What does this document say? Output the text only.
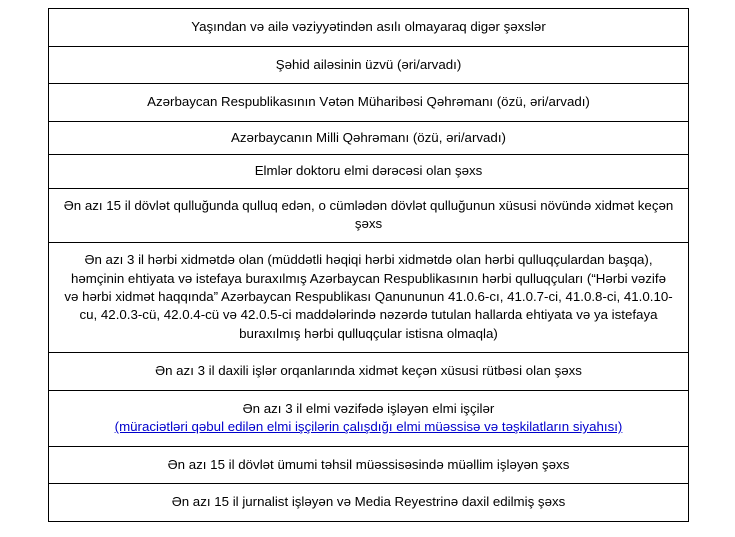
Yaşından və ailə vəziyyətindən asılı olmayaraq digər şəxslər

Şəhid ailəsinin üzvü (əri/arvadı)

Azərbaycan Respublikasının Vətən Müharibəsi Qəhrəmanı (özü, əri/arvadı)

Azərbaycanın Milli Qəhrəmanı (özü, əri/arvadı)

Elmlər doktoru elmi dərəcəsi olan şəxs

Ən azı 15 il dövlət qulluğunda qulluq edən, o cümlədən dövlət qulluğunun xüsusi növündə xidmət keçən şəxs

Ən azı 3 il hərbi xidmətdə olan (müddətli həqiqi hərbi xidmətdə olan hərbi qulluqçulardan başqa), həmçinin ehtiyata və istefaya buraxılmış Azərbaycan Respublikasının hərbi qulluqçuları (“Hərbi vəzifə və hərbi xidmət haqqında” Azərbaycan Respublikası Qanununun 41.0.6-cı, 41.0.7-ci, 41.0.8-ci, 41.0.10-cu, 42.0.3-cü, 42.0.4-cü və 42.0.5-ci maddələrində nəzərdə tutulan hallarda ehtiyata və ya istefaya buraxılmış hərbi qulluqçular istisna olmaqla)

Ən azı 3 il daxili işlər orqanlarında xidmət keçən xüsusi rütbəsi olan şəxs

Ən azı 3 il elmi vəzifədə işləyən elmi işçilər
(müraciətləri qəbul edilən elmi işçilərin çalışdığı elmi müəssisə və təşkilatların siyahısı)

Ən azı 15 il dövlət ümumi təhsil müəssisəsində müəllim işləyən şəxs

Ən azı 15 il jurnalist işləyən və Media Reyestrinə daxil edilmiş şəxs
